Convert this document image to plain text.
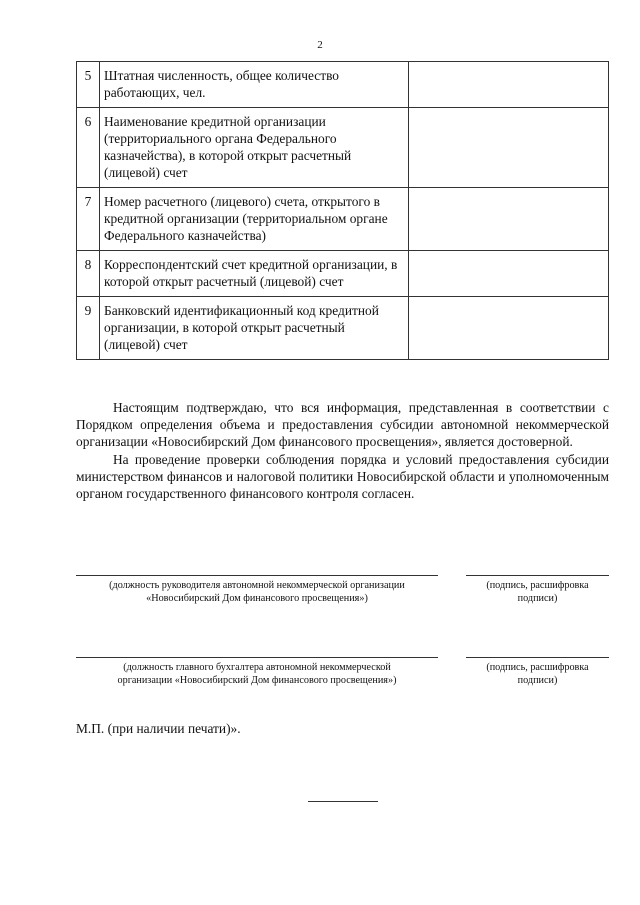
2
5	Штатная численность, общее количество работающих, чел.	
6	Наименование кредитной организации (территориального органа Федерального казначейства), в которой открыт расчетный (лицевой) счет	
7	Номер расчетного (лицевого) счета, открытого в кредитной организации (территориальном органе Федерального казначейства)	
8	Корреспондентский счет кредитной организации, в которой открыт расчетный (лицевой) счет	
9	Банковский идентификационный код кредитной организации, в которой открыт расчетный (лицевой) счет	

Настоящим подтверждаю, что вся информация, представленная в соответствии с Порядком определения объема и предоставления субсидии автономной некоммерческой организации «Новосибирский Дом финансового просвещения», является достоверной.

На проведение проверки соблюдения порядка и условий предоставления субсидии министерством финансов и налоговой политики Новосибирской области и уполномоченным органом государственного финансового контроля согласен.

(должность руководителя автономной некоммерческой организации
«Новосибирский Дом финансового просвещения»)
(подпись, расшифровка
подписи)
(должность главного бухгалтера автономной некоммерческой
организации «Новосибирский Дом финансового просвещения»)
(подпись, расшифровка
подписи)
М.П. (при наличии печати)».
